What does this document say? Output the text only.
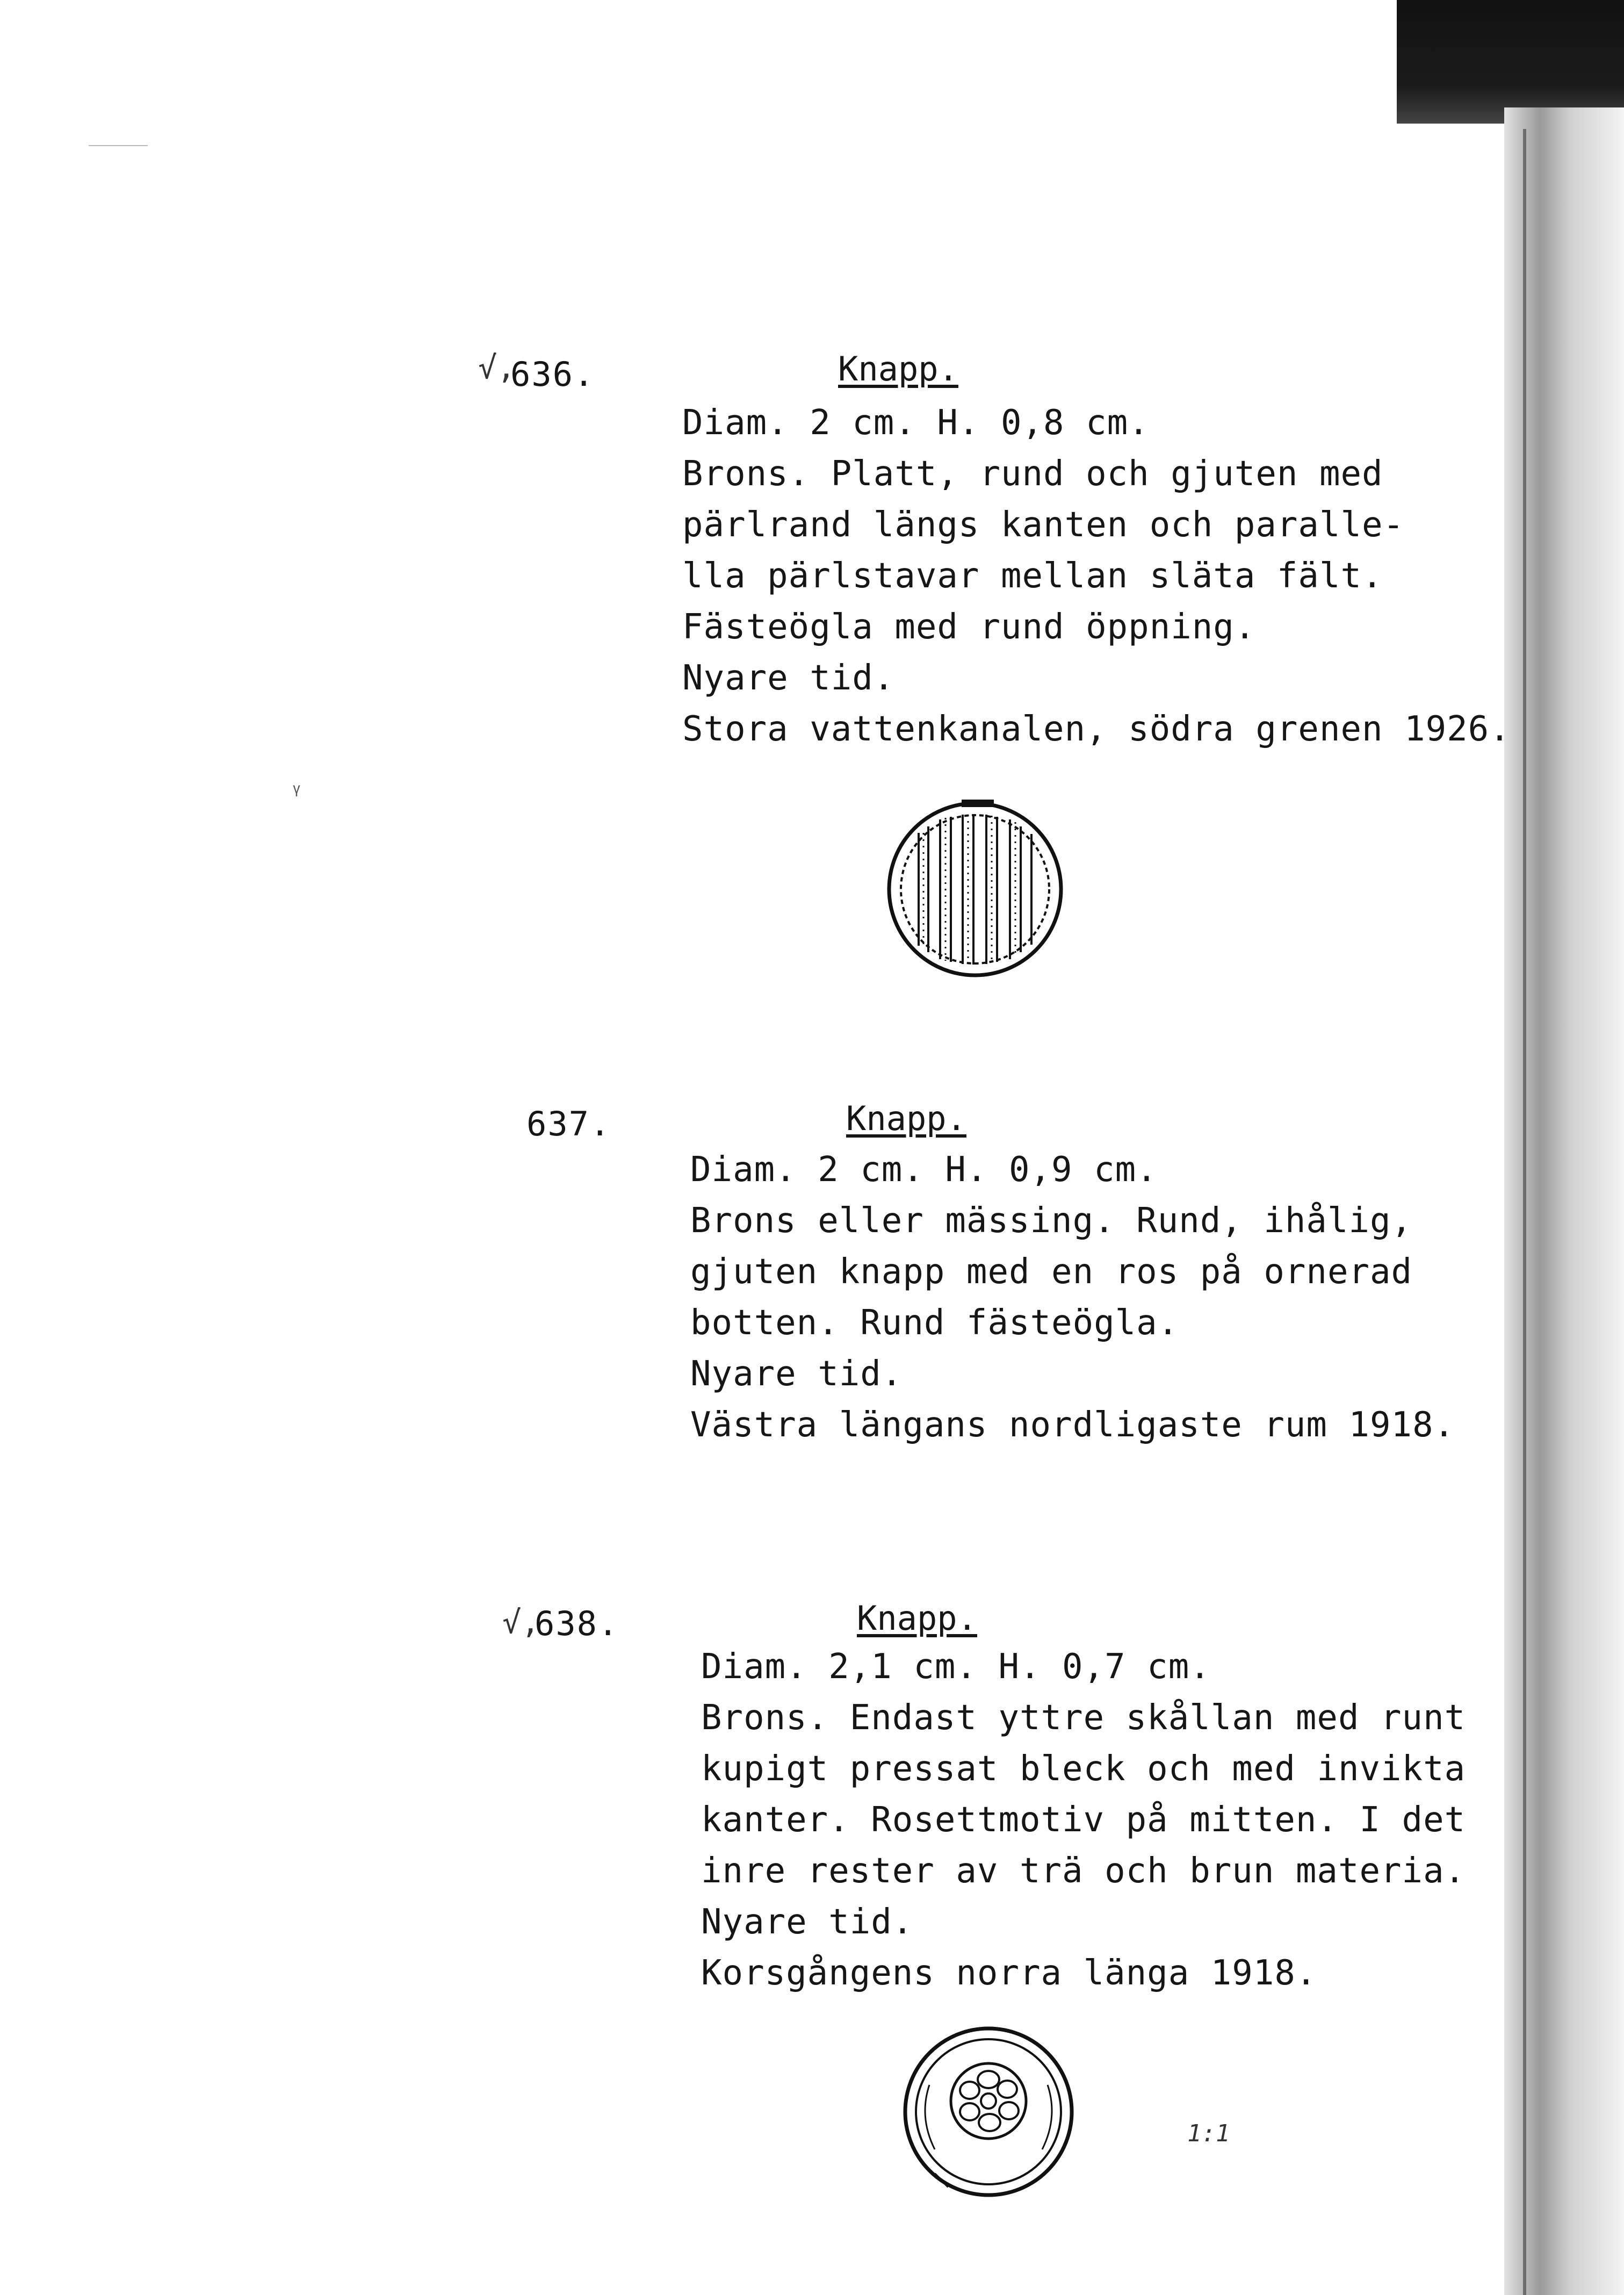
ᵞ
√,
636.	Knapp.
Diam. 2 cm. H. 0,8 cm.
Brons. Platt, rund och gjuten med
pärlrand längs kanten och paralle-
lla pärlstavar mellan släta fält.
Fästeögla med rund öppning.
Nyare tid.
Stora vattenkanalen, södra grenen 1926.
637.	Knapp.
Diam. 2 cm. H. 0,9 cm.
Brons eller mässing. Rund, ihålig,
gjuten knapp med en ros på ornerad
botten. Rund fästeögla.
Nyare tid.
Västra längans nordligaste rum 1918.
√,
638.	Knapp.
Diam. 2,1 cm. H. 0,7 cm.
Brons. Endast yttre skållan med runt
kupigt pressat bleck och med invikta
kanter. Rosettmotiv på mitten. I det
inre rester av trä och brun materia.
Nyare tid.
Korsgångens norra länga 1918.
1:1
